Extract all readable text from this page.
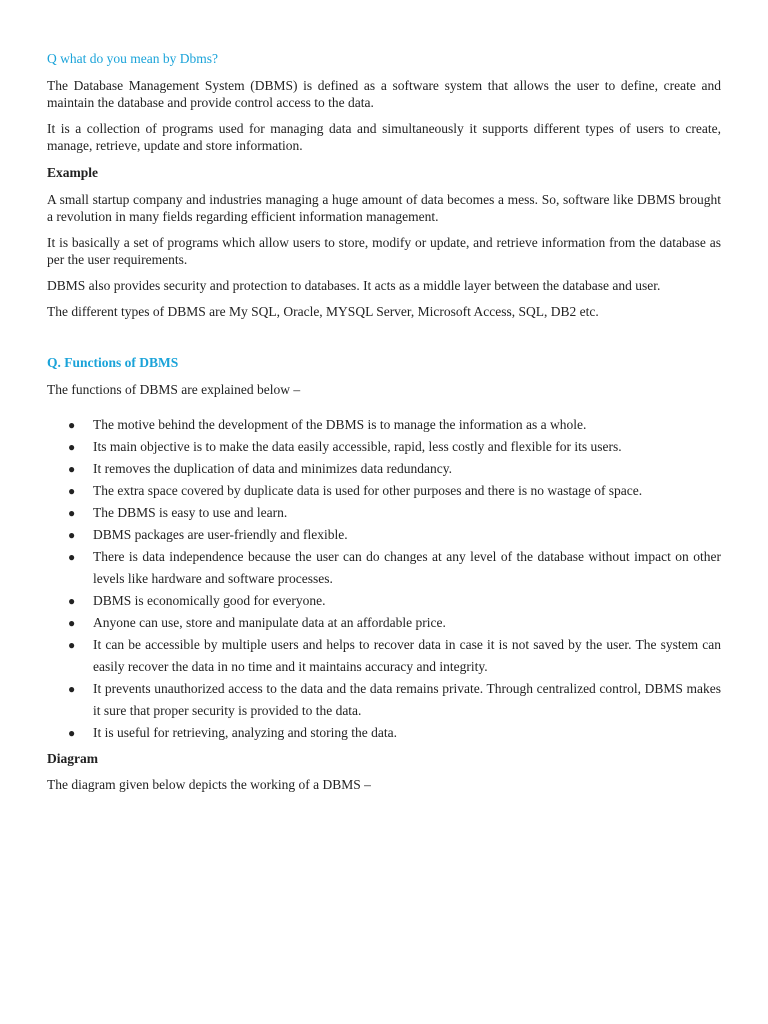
Q what do you mean by Dbms?

The Database Management System (DBMS) is defined as a software system that allows the user to define, create and maintain the database and provide control access to the data.

It is a collection of programs used for managing data and simultaneously it supports different types of users to create, manage, retrieve, update and store information.

Example

A small startup company and industries managing a huge amount of data becomes a mess. So, software like DBMS brought a revolution in many fields regarding efficient information management.

It is basically a set of programs which allow users to store, modify or update, and retrieve information from the database as per the user requirements.

DBMS also provides security and protection to databases. It acts as a middle layer between the database and user.

The different types of DBMS are My SQL, Oracle, MYSQL Server, Microsoft Access, SQL, DB2 etc.

Q. Functions of DBMS

The functions of DBMS are explained below –

● The motive behind the development of the DBMS is to manage the information as a whole.
● Its main objective is to make the data easily accessible, rapid, less costly and flexible for its users.
● It removes the duplication of data and minimizes data redundancy.
● The extra space covered by duplicate data is used for other purposes and there is no wastage of space.
● The DBMS is easy to use and learn.
● DBMS packages are user-friendly and flexible.
● There is data independence because the user can do changes at any level of the database without impact on other levels like hardware and software processes.
● DBMS is economically good for everyone.
● Anyone can use, store and manipulate data at an affordable price.
● It can be accessible by multiple users and helps to recover data in case it is not saved by the user. The system can easily recover the data in no time and it maintains accuracy and integrity.
● It prevents unauthorized access to the data and the data remains private. Through centralized control, DBMS makes it sure that proper security is provided to the data.
● It is useful for retrieving, analyzing and storing the data.
Diagram

The diagram given below depicts the working of a DBMS –
